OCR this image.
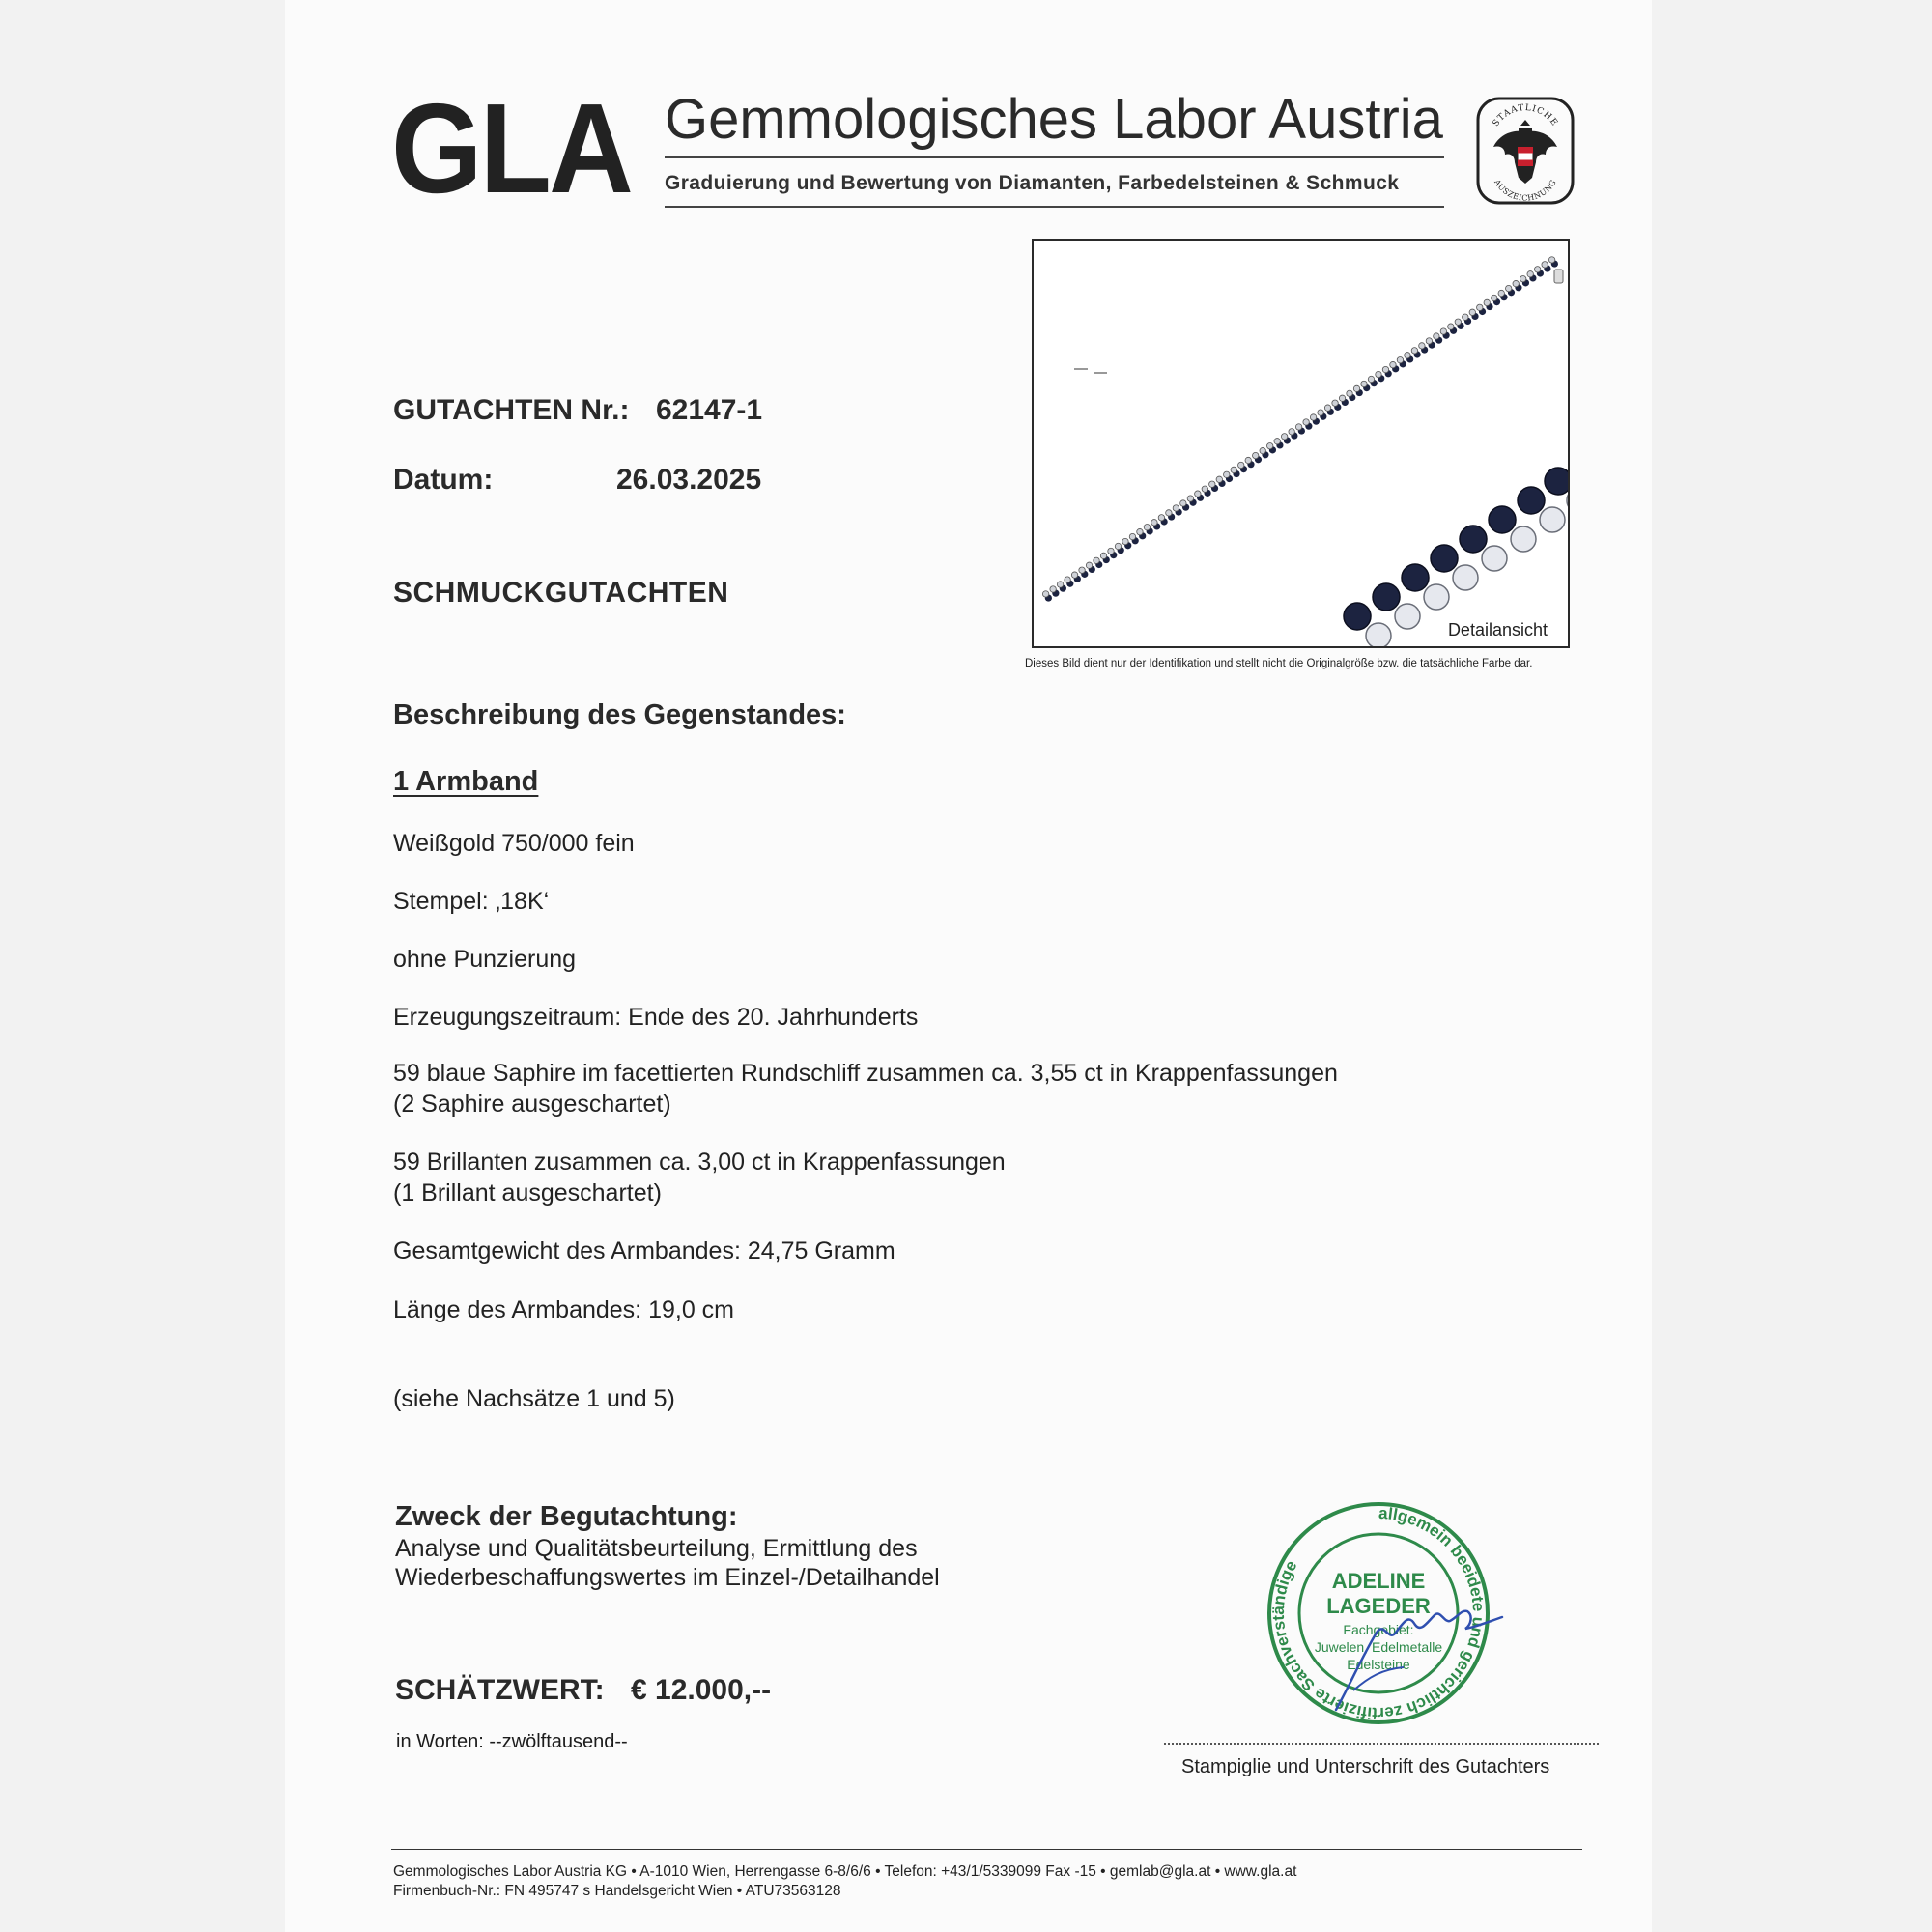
GLA Gemmologisches Labor Austria
Graduierung und Bewertung von Diamanten, Farbedelsteinen & Schmuck
STAATLICHE
AUSZEICHNUNG
GUTACHTEN Nr.: 62147-1
Datum:	26.03.2025
SCHMUCKGUTACHTEN
Detailansicht
Dieses Bild dient nur der Identifikation und stellt nicht die Originalgröße bzw. die tatsächliche Farbe dar.
Beschreibung des Gegenstandes:
1 Armband
Weißgold 750/000 fein
Stempel: ‚18K‘
ohne Punzierung
Erzeugungszeitraum: Ende des 20. Jahrhunderts
59 blaue Saphire im facettierten Rundschliff zusammen ca. 3,55 ct in Krappenfassungen
(2 Saphire ausgeschartet)
59 Brillanten zusammen ca. 3,00 ct in Krappenfassungen
(1 Brillant ausgeschartet)
Gesamtgewicht des Armbandes: 24,75 Gramm
Länge des Armbandes: 19,0 cm
(siehe Nachsätze 1 und 5)
Zweck der Begutachtung:
Analyse und Qualitätsbeurteilung, Ermittlung des
Wiederbeschaffungswertes im Einzel-/Detailhandel
SCHÄTZWERT: € 12.000,--
in Worten: --zwölftausend--
allgemein beeidete und gerichtlich zertifizierte Sachverständige
ADELINE
LAGEDER
Fachgebiet:
Juwelen, Edelmetalle
Edelsteine
Stampiglie und Unterschrift des Gutachters
Gemmologisches Labor Austria KG • A-1010 Wien, Herrengasse 6-8/6/6 • Telefon: +43/1/5339099 Fax -15 • gemlab@gla.at • www.gla.at
Firmenbuch-Nr.: FN 495747 s Handelsgericht Wien • ATU73563128
